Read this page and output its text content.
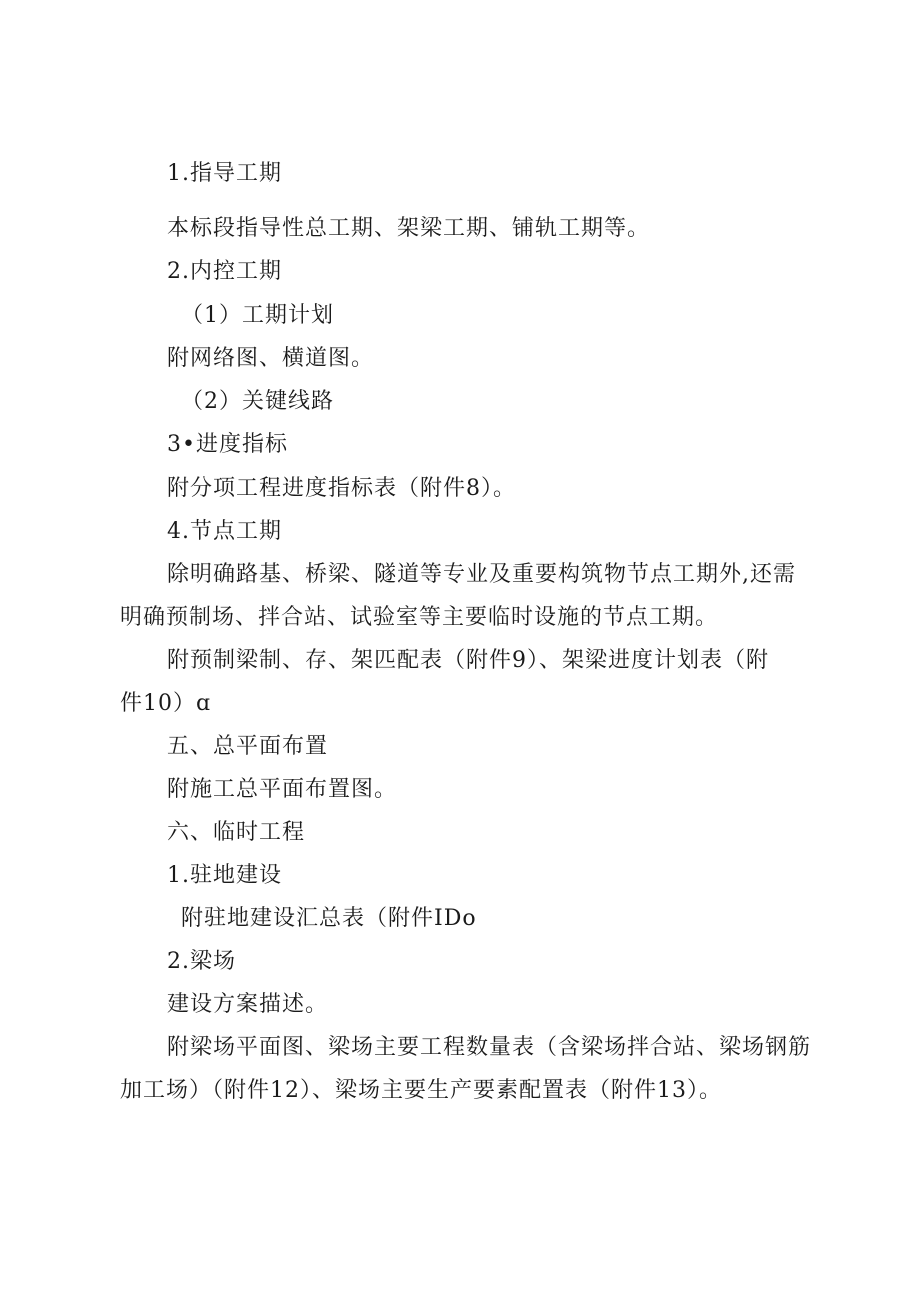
1.指导工期
本标段指导性总工期、架梁工期、铺轨工期等。
2.内控工期
（1）工期计划
附网络图、横道图。
（2）关键线路
3•进度指标
附分项工程进度指标表（附件8）。
4.节点工期
除明确路基、桥梁、隧道等专业及重要构筑物节点工期外,还需
明确预制场、拌合站、试验室等主要临时设施的节点工期。
附预制梁制、存、架匹配表（附件9）、架梁进度计划表（附
件10）ɑ
五、总平面布置
附施工总平面布置图。
六、临时工程
1.驻地建设
附驻地建设汇总表（附件IDo
2.梁场
建设方案描述。
附梁场平面图、梁场主要工程数量表（含梁场拌合站、梁场钢筋
加工场）（附件12）、梁场主要生产要素配置表（附件13）。
